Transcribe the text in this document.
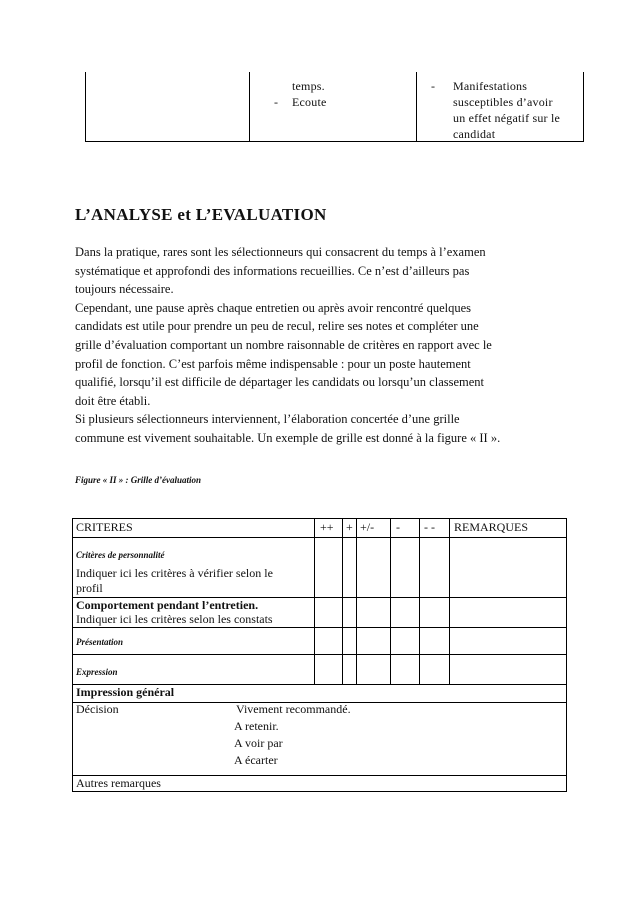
temps.
- Ecoute
- Manifestations
susceptibles d’avoir
un effet négatif sur le
candidat
L’ANALYSE et L’EVALUATION
Dans la pratique, rares sont les sélectionneurs qui consacrent du temps à l’examen
systématique et approfondi des informations recueillies. Ce n’est d’ailleurs pas
toujours nécessaire.
Cependant, une pause après chaque entretien ou après avoir rencontré quelques
candidats est utile pour prendre un peu de recul, relire ses notes et compléter une
grille d’évaluation comportant un nombre raisonnable de critères en rapport avec le
profil de fonction. C’est parfois même indispensable : pour un poste hautement
qualifié, lorsqu’il est difficile de départager les candidats ou lorsqu’un classement
doit être établi.
Si plusieurs sélectionneurs interviennent, l’élaboration concertée d’une grille
commune est vivement souhaitable. Un exemple de grille est donné à la figure « II ».
Figure « II » : Grille d’évaluation
CRITERES	++ + +/- - - - REMARQUES
Critères de personnalité
Indiquer ici les critères à vérifier selon le
profil
Comportement pendant l’entretien.
Indiquer ici les critères selon les constats
Présentation
Expression
Impression général
Décision	Vivement recommandé.
A retenir.
A voir par
A écarter
Autres remarques
